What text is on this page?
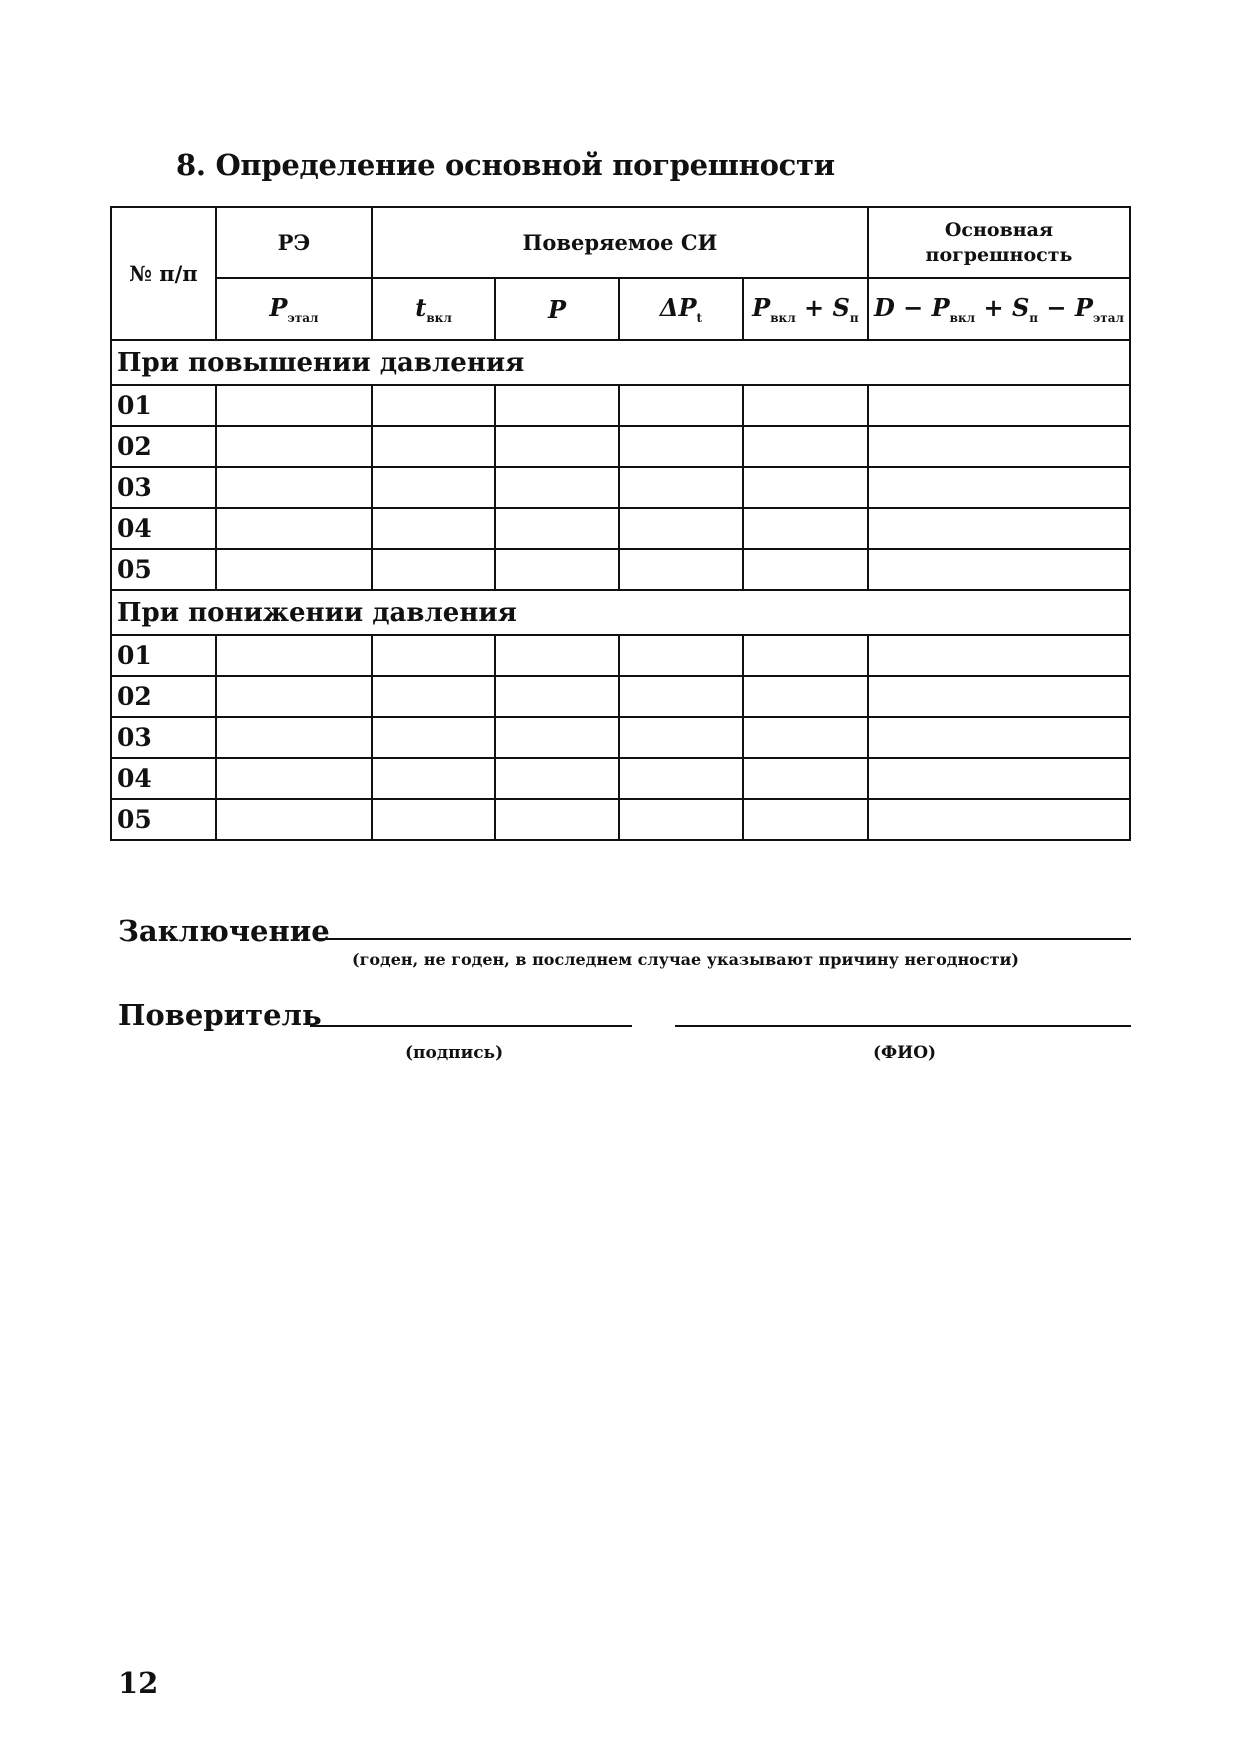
8. Определение основной погрешности
№ п/п	РЭ	Поверяемое СИ				Основная погрешность
	$P_{этал}$	$t_{вкл}$	P	$\Delta P_t$	$P_{вкл} + S_п$	$D - P_{вкл} + S_п - P_{этал}$
При повышении давления						
01						
02						
03						
04						
05						
При понижении давления						
01						
02						
03						
04						
05						
Заключение
(годен, не годен, в последнем случае указывают причину негодности)
Поверитель
(подпись)	(ФИО)
12
